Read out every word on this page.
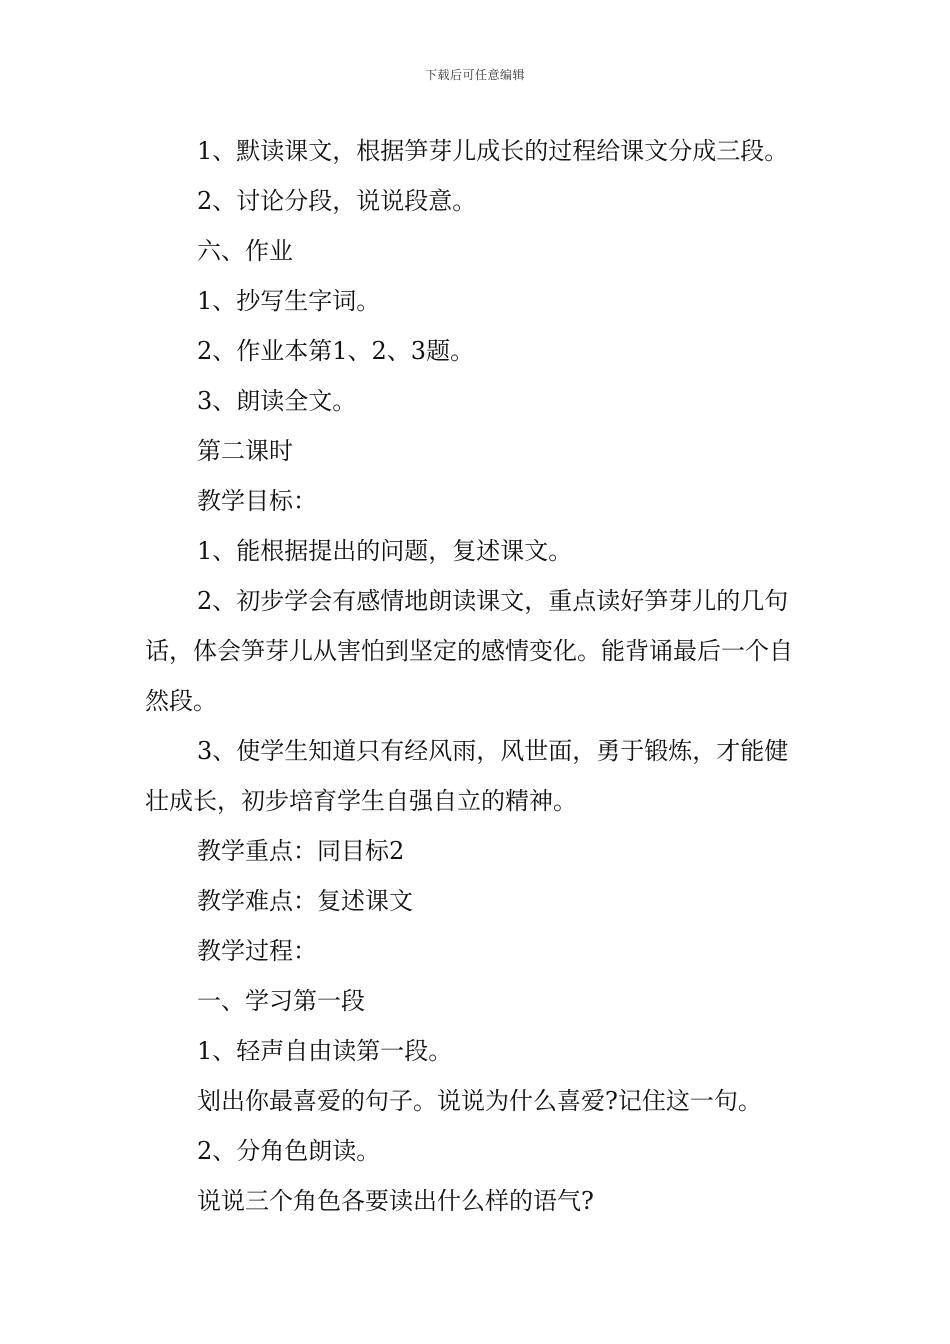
下载后可任意编辑

1、默读课文，根据笋芽儿成长的过程给课文分成三段。

2、讨论分段，说说段意。

六、作业

1、抄写生字词。

2、作业本第1、2、3题。

3、朗读全文。

第二课时

教学目标：

1、能根据提出的问题，复述课文。

2、初步学会有感情地朗读课文，重点读好笋芽儿的几句话，体会笋芽儿从害怕到坚定的感情变化。能背诵最后一个自然段。

3、使学生知道只有经风雨，风世面，勇于锻炼，才能健壮成长，初步培育学生自强自立的精神。

教学重点：同目标2

教学难点：复述课文

教学过程：

一、学习第一段

1、轻声自由读第一段。

划出你最喜爱的句子。说说为什么喜爱?记住这一句。

2、分角色朗读。

说说三个角色各要读出什么样的语气?
